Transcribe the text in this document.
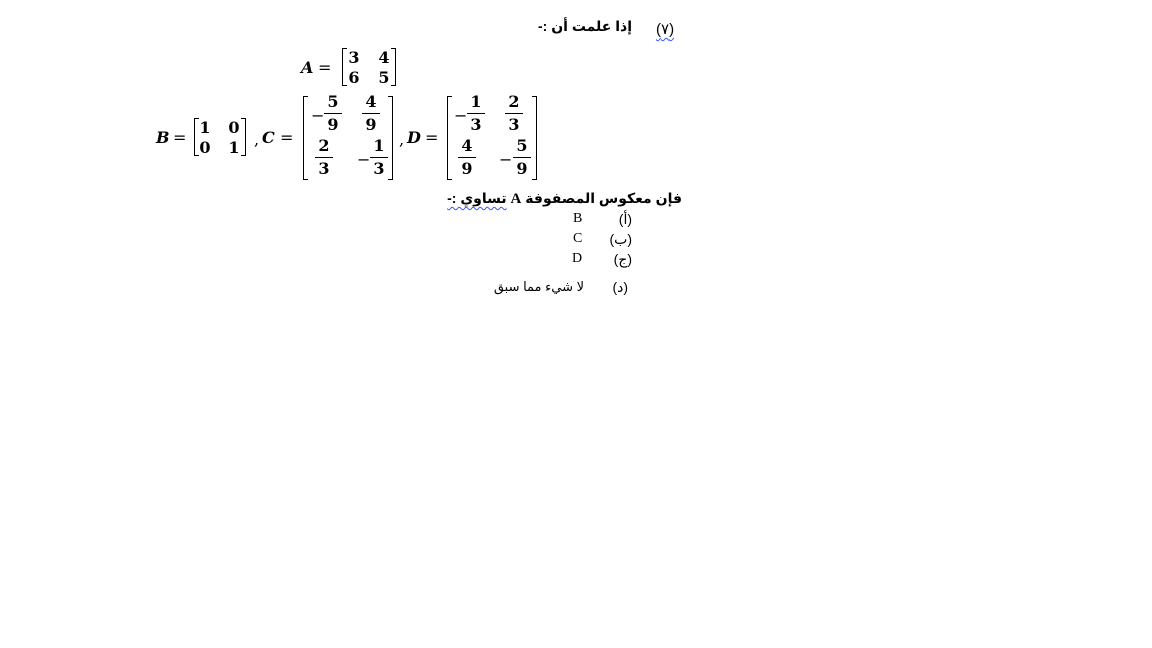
إذا علمت أن :- (٧)
A =
3 4
6 5
B =
1 0
0 1 , C =
−
5
9
4
9
2
3 −
1
3
, D =
−
1
3
2
3
4
9 −
5
9
فإن معكوس المصفوفة A تساوي :-
(أ)
B
(ب)
C
(ج)
D
(د)
لا شيء مما سبق
